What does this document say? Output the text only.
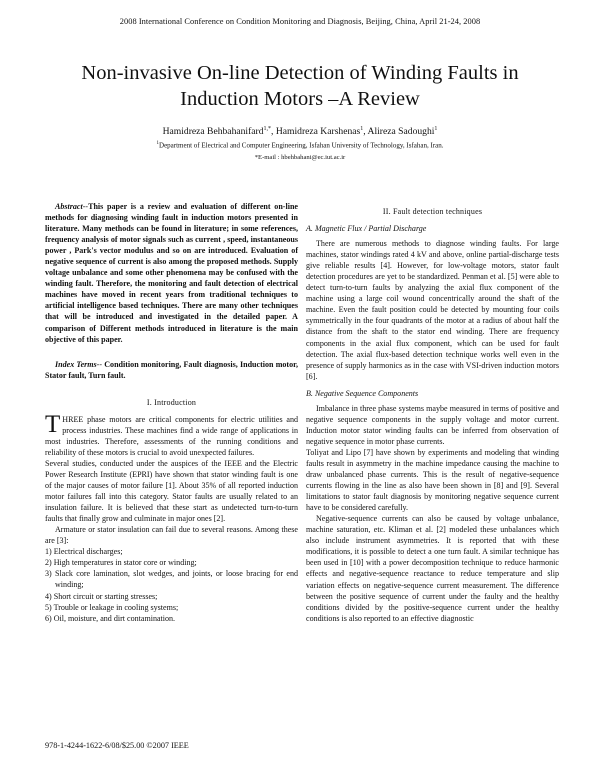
2008 International Conference on Condition Monitoring and Diagnosis, Beijing, China, April 21-24, 2008
Non-invasive On-line Detection of Winding Faults in Induction Motors –A Review
Hamidreza Behbahanifard$^{1,*}$, Hamidreza Karshenas$^1$, Alireza Sadoughi$^1$
$^1$Department of Electrical and Computer Engineering, Isfahan University of Technology, Isfahan, Iran.
*E-mail : hbehbahani@ec.iut.ac.ir

Abstract--This paper is a review and evaluation of different on-line methods for diagnosing winding fault in induction motors presented in literature. Many methods can be found in literature; in some references, frequency analysis of motor signals such as current , speed, instantaneous power , Park's vector modulus and so on are introduced. Evaluation of negative sequence of current is also among the proposed methods. Supply voltage unbalance and some other phenomena may be confused with the winding fault. Therefore, the monitoring and fault detection of electrical machines have moved in recent years from traditional techniques to artificial intelligence based techniques. There are many other techniques that will be introduced and investigated in the detailed paper. A comparison of Different methods introduced in literature is the main objective of this paper.

Index Terms-- Condition monitoring, Fault diagnosis, Induction motor, Stator fault, Turn fault.

I. Introduction
THREE phase motors are critical components for electric utilities and process industries. These machines find a wide range of applications in most industries. Therefore, assessments of the running conditions and reliability of these motors is crucial to avoid unexpected failures.

Several studies, conducted under the auspices of the IEEE and the Electric Power Research Institute (EPRI) have shown that stator winding fault is one of the major causes of motor failure [1]. About 35% of all reported induction motor failures fall into this category. Stator faults are usually related to an insulation failure. It is believed that these start as undetected turn-to-turn faults that finally grow and culminate in major ones [2].

Armature or stator insulation can fail due to several reasons. Among these are [3]:

1) Electrical discharges;
2) High temperatures in stator core or winding;
3) Slack core lamination, slot wedges, and joints, or loose bracing for end winding;
4) Short circuit or starting stresses;
5) Trouble or leakage in cooling systems;
6) Oil, moisture, and dirt contamination.
II. Fault detection techniques
A. Magnetic Flux / Partial Discharge

There are numerous methods to diagnose winding faults. For large machines, stator windings rated 4 kV and above, online partial-discharge tests give reliable results [4]. However, for low-voltage motors, stator fault detection procedures are yet to be standardized. Penman et al. [5] were able to detect turn-to-turn faults by analyzing the axial flux component of the machine using a large coil wound concentrically around the shaft of the machine. Even the fault position could be detected by mounting four coils symmetrically in the four quadrants of the motor at a radius of about half the distance from the shaft to the stator end winding. There are frequency components in the axial flux component, which can be used for fault detection. The axial flux-based detection technique works well even in the presence of supply harmonics as in the case with VSI-driven induction motors [6].

B. Negative Sequence Components

Imbalance in three phase systems maybe measured in terms of positive and negative sequence components in the supply voltage and motor current. Induction motor stator winding faults can be inferred from observation of negative sequence in motor phase currents.

Toliyat and Lipo [7] have shown by experiments and modeling that winding faults result in asymmetry in the machine impedance causing the machine to draw unbalanced phase currents. This is the result of negative-sequence currents flowing in the line as also have been shown in [8] and [9]. Several limitations to stator fault diagnosis by monitoring negative sequence current have to be considered carefully.

Negative-sequence currents can also be caused by voltage unbalance, machine saturation, etc. Kliman et al. [2] modeled these unbalances which also include instrument asymmetries. It is reported that with these modifications, it is possible to detect a one turn fault. A similar technique has been used in [10] with a power decomposition technique to reduce harmonic effects and negative-sequence reactance to reduce temperature and slip variation effects on negative-sequence current measurement. The difference between the positive sequence of current under the faulty and the healthy conditions divided by the positive-sequence current under the healthy conditions is also reported to an effective diagnostic

978-1-4244-1622-6/08/$25.00 ©2007 IEEE
